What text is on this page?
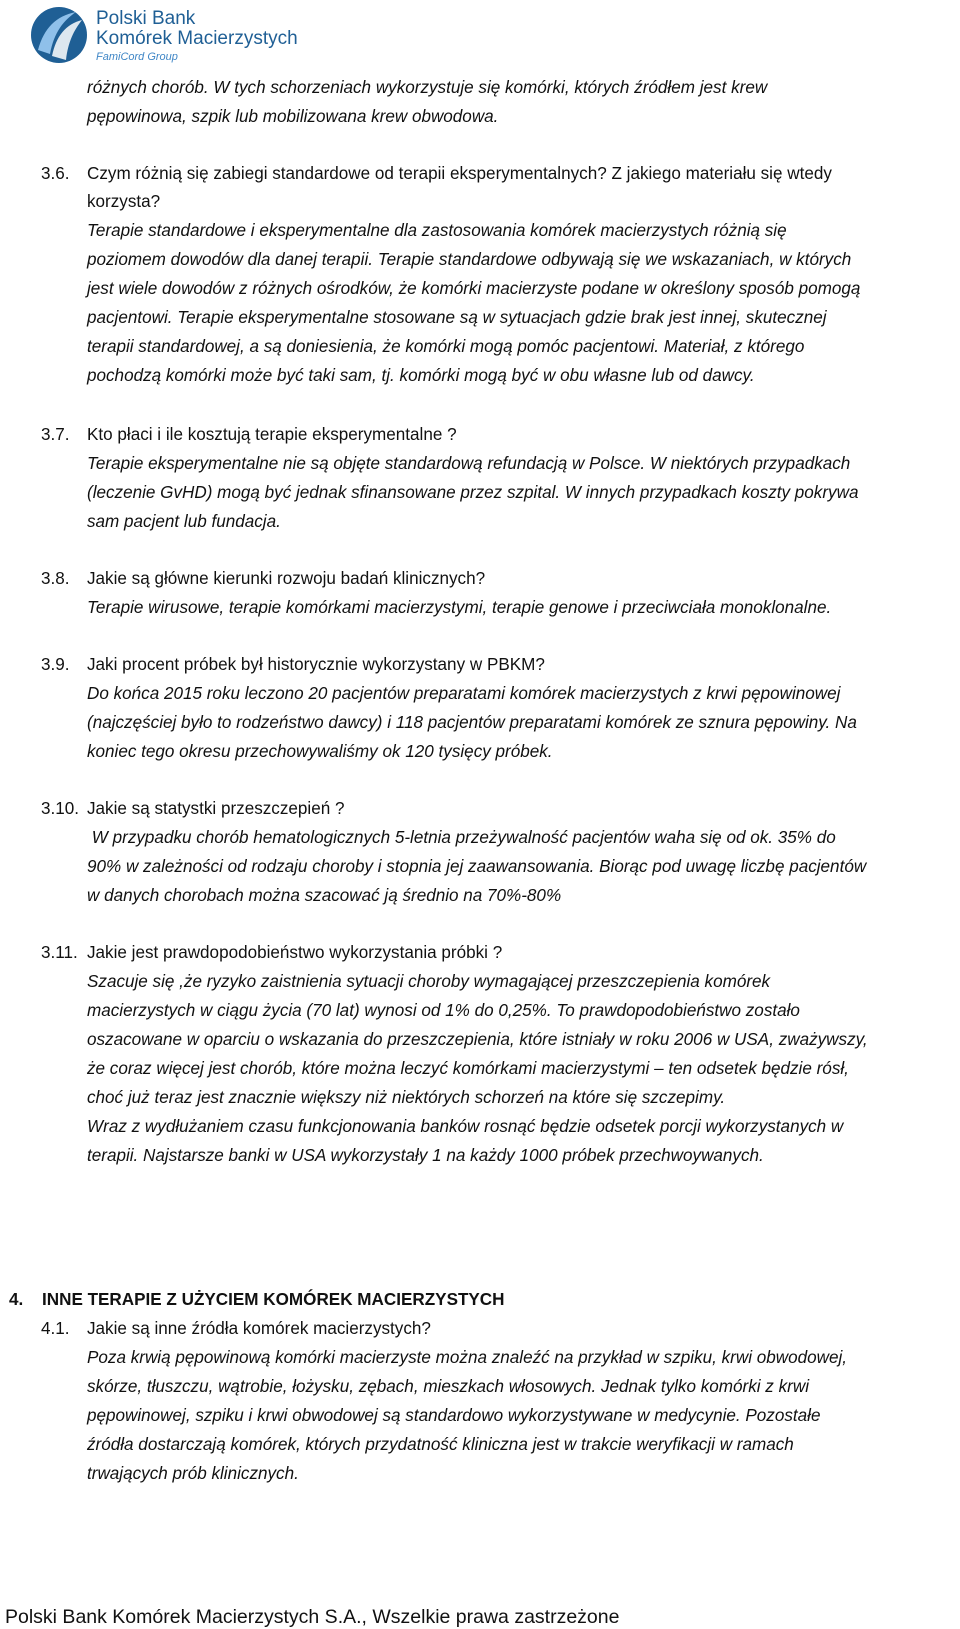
Polski Bank
Komórek Macierzystych
FamiCord Group
różnych chorób. W tych schorzeniach wykorzystuje się komórki, których źródłem jest krew
pępowinowa, szpik lub mobilizowana krew obwodowa.
3.6. Czym różnią się zabiegi standardowe od terapii eksperymentalnych? Z jakiego materiału się wtedy
korzysta?
Terapie standardowe i eksperymentalne dla zastosowania komórek macierzystych różnią się
poziomem dowodów dla danej terapii. Terapie standardowe odbywają się we wskazaniach, w których
jest wiele dowodów z różnych ośrodków, że komórki macierzyste podane w określony sposób pomogą
pacjentowi. Terapie eksperymentalne stosowane są w sytuacjach gdzie brak jest innej, skutecznej
terapii standardowej, a są doniesienia, że komórki mogą pomóc pacjentowi. Materiał, z którego
pochodzą komórki może być taki sam, tj. komórki mogą być w obu własne lub od dawcy.
3.7. Kto płaci i ile kosztują terapie eksperymentalne ?
Terapie eksperymentalne nie są objęte standardową refundacją w Polsce. W niektórych przypadkach
(leczenie GvHD) mogą być jednak sfinansowane przez szpital. W innych przypadkach koszty pokrywa
sam pacjent lub fundacja.
3.8. Jakie są główne kierunki rozwoju badań klinicznych?
Terapie wirusowe, terapie komórkami macierzystymi, terapie genowe i przeciwciała monoklonalne.
3.9. Jaki procent próbek był historycznie wykorzystany w PBKM?
Do końca 2015 roku leczono 20 pacjentów preparatami komórek macierzystych z krwi pępowinowej
(najczęściej było to rodzeństwo dawcy) i 118 pacjentów preparatami komórek ze sznura pępowiny. Na
koniec tego okresu przechowywaliśmy ok 120 tysięcy próbek.
3.10. Jakie są statystki przeszczepień ?
W przypadku chorób hematologicznych 5-letnia przeżywalność pacjentów waha się od ok. 35% do
90% w zależności od rodzaju choroby i stopnia jej zaawansowania. Biorąc pod uwagę liczbę pacjentów
w danych chorobach można szacować ją średnio na 70%-80%
3.11. Jakie jest prawdopodobieństwo wykorzystania próbki ?
Szacuje się ,że ryzyko zaistnienia sytuacji choroby wymagającej przeszczepienia komórek
macierzystych w ciągu życia (70 lat) wynosi od 1% do 0,25%. To prawdopodobieństwo zostało
oszacowane w oparciu o wskazania do przeszczepienia, które istniały w roku 2006 w USA, zważywszy,
że coraz więcej jest chorób, które można leczyć komórkami macierzystymi – ten odsetek będzie rósł,
choć już teraz jest znacznie większy niż niektórych schorzeń na które się szczepimy.
Wraz z wydłużaniem czasu funkcjonowania banków rosnąć będzie odsetek porcji wykorzystanych w
terapii. Najstarsze banki w USA wykorzystały 1 na każdy 1000 próbek przechwoywanych.
4. INNE TERAPIE Z UŻYCIEM KOMÓREK MACIERZYSTYCH
4.1. Jakie są inne źródła komórek macierzystych?
Poza krwią pępowinową komórki macierzyste można znaleźć na przykład w szpiku, krwi obwodowej,
skórze, tłuszczu, wątrobie, łożysku, zębach, mieszkach włosowych. Jednak tylko komórki z krwi
pępowinowej, szpiku i krwi obwodowej są standardowo wykorzystywane w medycynie. Pozostałe
źródła dostarczają komórek, których przydatność kliniczna jest w trakcie weryfikacji w ramach
trwających prób klinicznych.
Polski Bank Komórek Macierzystych S.A., Wszelkie prawa zastrzeżone
